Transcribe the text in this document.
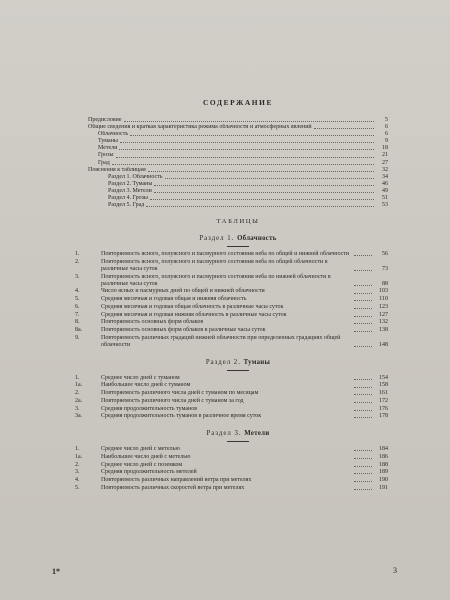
СОДЕРЖАНИЕ
Предисловие	5
Общие сведения и краткая характеристика режима облачности и атмосферных явлений	6
Облачность	6
Туманы	9
Метели	18
Грозы	21
Град	27
Пояснения к таблицам	32
Раздел 1. Облачность	34
Раздел 2. Туманы	46
Раздел 3. Метели	49
Раздел 4. Грозы	51
Раздел 5. Град	53
ТАБЛИЦЫ
Раздел 1. Облачность
1.	Повторяемость ясного, полуясного и пасмурного состояния неба по общей и нижней облачности	56
2.	Повторяемость ясного, полуясного и пасмурного состояния неба по общей облачности в различные часы суток	73
3.	Повторяемость ясного, полуясного и пасмурного состояния неба по нижней облачности в различные часы суток	88
4.	Число ясных и пасмурных дней по общей и нижней облачности	103
5.	Средняя месячная и годовая общая и нижняя облачность	110
6.	Средняя месячная и годовая общая облачность в различные часы суток	123
7.	Средняя месячная и годовая нижняя облачность в различные часы суток	127
8.	Повторяемость основных форм облаков	132
8а.	Повторяемость основных форм облаков в различные часы суток	138
9.	Повторяемость различных градаций нижней облачности при определенных градациях общей облачности	148
Раздел 2. Туманы
1.	Среднее число дней с туманом	154
1а.	Наибольшее число дней с туманом	158
2.	Повторяемость различного числа дней с туманом по месяцам	161
2а.	Повторяемость различного числа дней с туманом за год	172
3.	Средняя продолжительность туманов	176
3а.	Средняя продолжительность туманов в различное время суток	178
Раздел 3. Метели
1.	Среднее число дней с метелью	184
1а.	Наибольшее число дней с метелью	186
2.	Среднее число дней с поземком	188
3.	Средняя продолжительность метелей	189
4.	Повторяемость различных направлений ветра при метелях	190
5.	Повторяемость различных скоростей ветра при метелях	191
1*	3
